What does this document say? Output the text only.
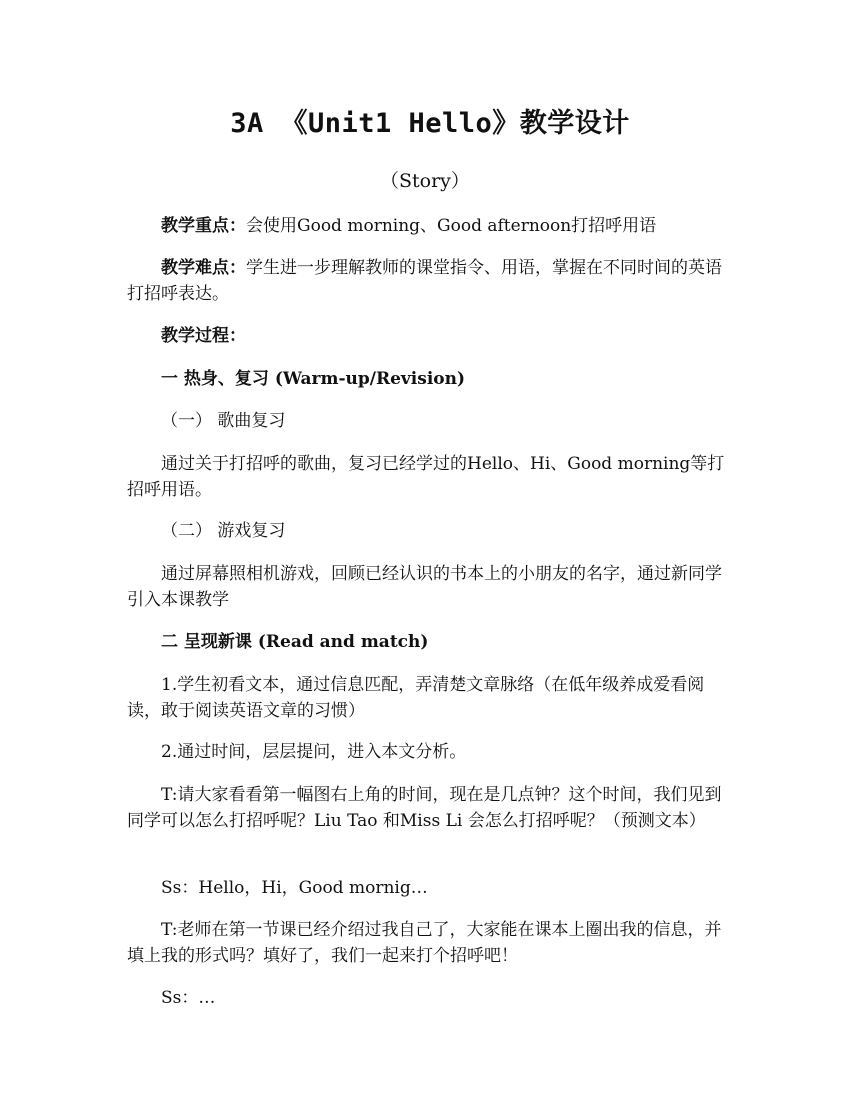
3A 《Unit1 Hello》教学设计
（Story）
教学重点：会使用Good morning、Good afternoon打招呼用语
教学难点：学生进一步理解教师的课堂指令、用语，掌握在不同时间的英语打招呼表达。
教学过程：
一 热身、复习 (Warm-up/Revision)
（一） 歌曲复习
通过关于打招呼的歌曲，复习已经学过的Hello、Hi、Good morning等打招呼用语。
（二） 游戏复习
通过屏幕照相机游戏，回顾已经认识的书本上的小朋友的名字，通过新同学引入本课教学
二 呈现新课 (Read and match)
1.学生初看文本，通过信息匹配，弄清楚文章脉络（在低年级养成爱看阅读，敢于阅读英语文章的习惯）
2.通过时间，层层提问，进入本文分析。
T:请大家看看第一幅图右上角的时间，现在是几点钟？这个时间，我们见到同学可以怎么打招呼呢？Liu Tao 和Miss Li 会怎么打招呼呢？（预测文本）
Ss：Hello，Hi，Good mornig…
T:老师在第一节课已经介绍过我自己了，大家能在课本上圈出我的信息，并填上我的形式吗？填好了，我们一起来打个招呼吧！
Ss：…
